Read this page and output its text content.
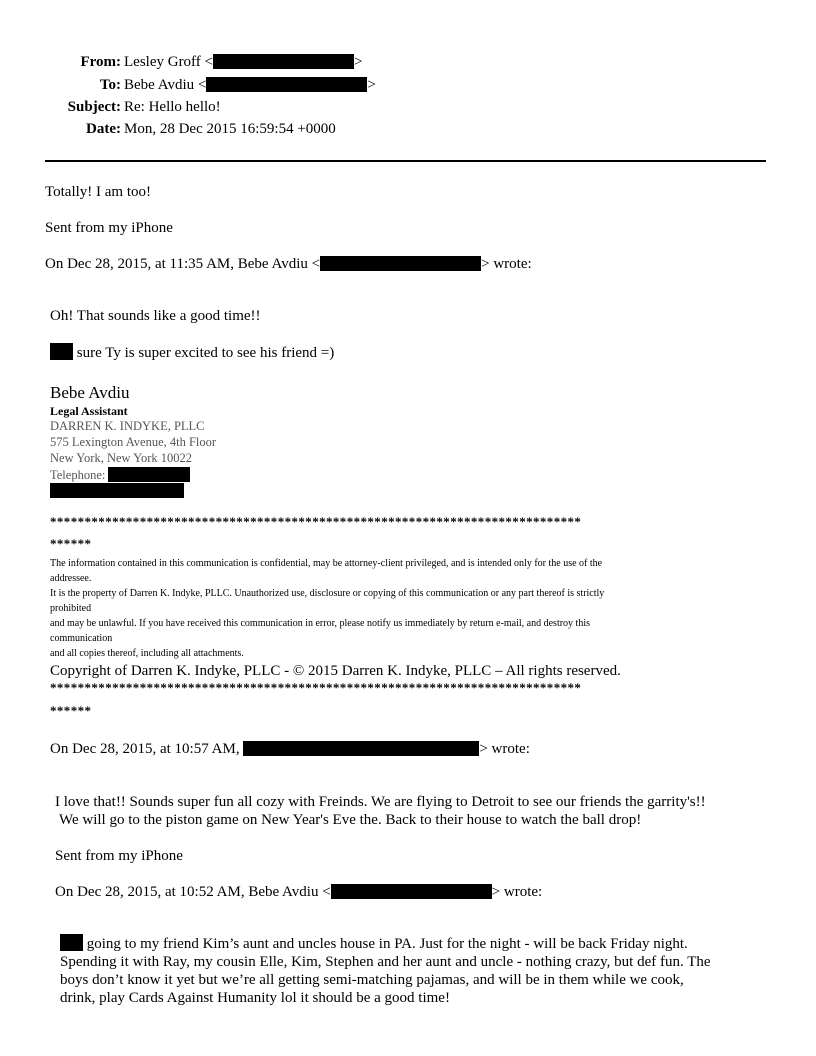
From: Lesley Groff <	>
To: Bebe Avdiu <	>
Subject: Re: Hello hello!
Date: Mon, 28 Dec 2015 16:59:54 +0000
Totally! I am too!
Sent from my iPhone
On Dec 28, 2015, at 11:35 AM, Bebe Avdiu <	> wrote:
Oh! That sounds like a good time!!
sure Ty is super excited to see his friend =)
Bebe Avdiu
Legal Assistant
DARREN K. INDYKE, PLLC
575 Lexington Avenue, 4th Floor
New York, New York 10022
Telephone:
*****************************************************************************
******
The information contained in this communication is confidential, may be attorney-client privileged, and is intended only for the use of the
addressee.
It is the property of Darren K. Indyke, PLLC. Unauthorized use, disclosure or copying of this communication or any part thereof is strictly
prohibited
and may be unlawful. If you have received this communication in error, please notify us immediately by return e-mail, and destroy this
communication
and all copies thereof, including all attachments.
Copyright of Darren K. Indyke, PLLC - © 2015 Darren K. Indyke, PLLC – All rights reserved.
*****************************************************************************
******
On Dec 28, 2015, at 10:57 AM,	> wrote:
I love that!! Sounds super fun all cozy with Freinds. We are flying to Detroit to see our friends the garrity's!!
We will go to the piston game on New Year's Eve the. Back to their house to watch the ball drop!
Sent from my iPhone
On Dec 28, 2015, at 10:52 AM, Bebe Avdiu <	> wrote:
going to my friend Kim’s aunt and uncles house in PA. Just for the night - will be back Friday night.
Spending it with Ray, my cousin Elle, Kim, Stephen and her aunt and uncle - nothing crazy, but def fun. The
boys don’t know it yet but we’re all getting semi-matching pajamas, and will be in them while we cook,
drink, play Cards Against Humanity lol it should be a good time!
